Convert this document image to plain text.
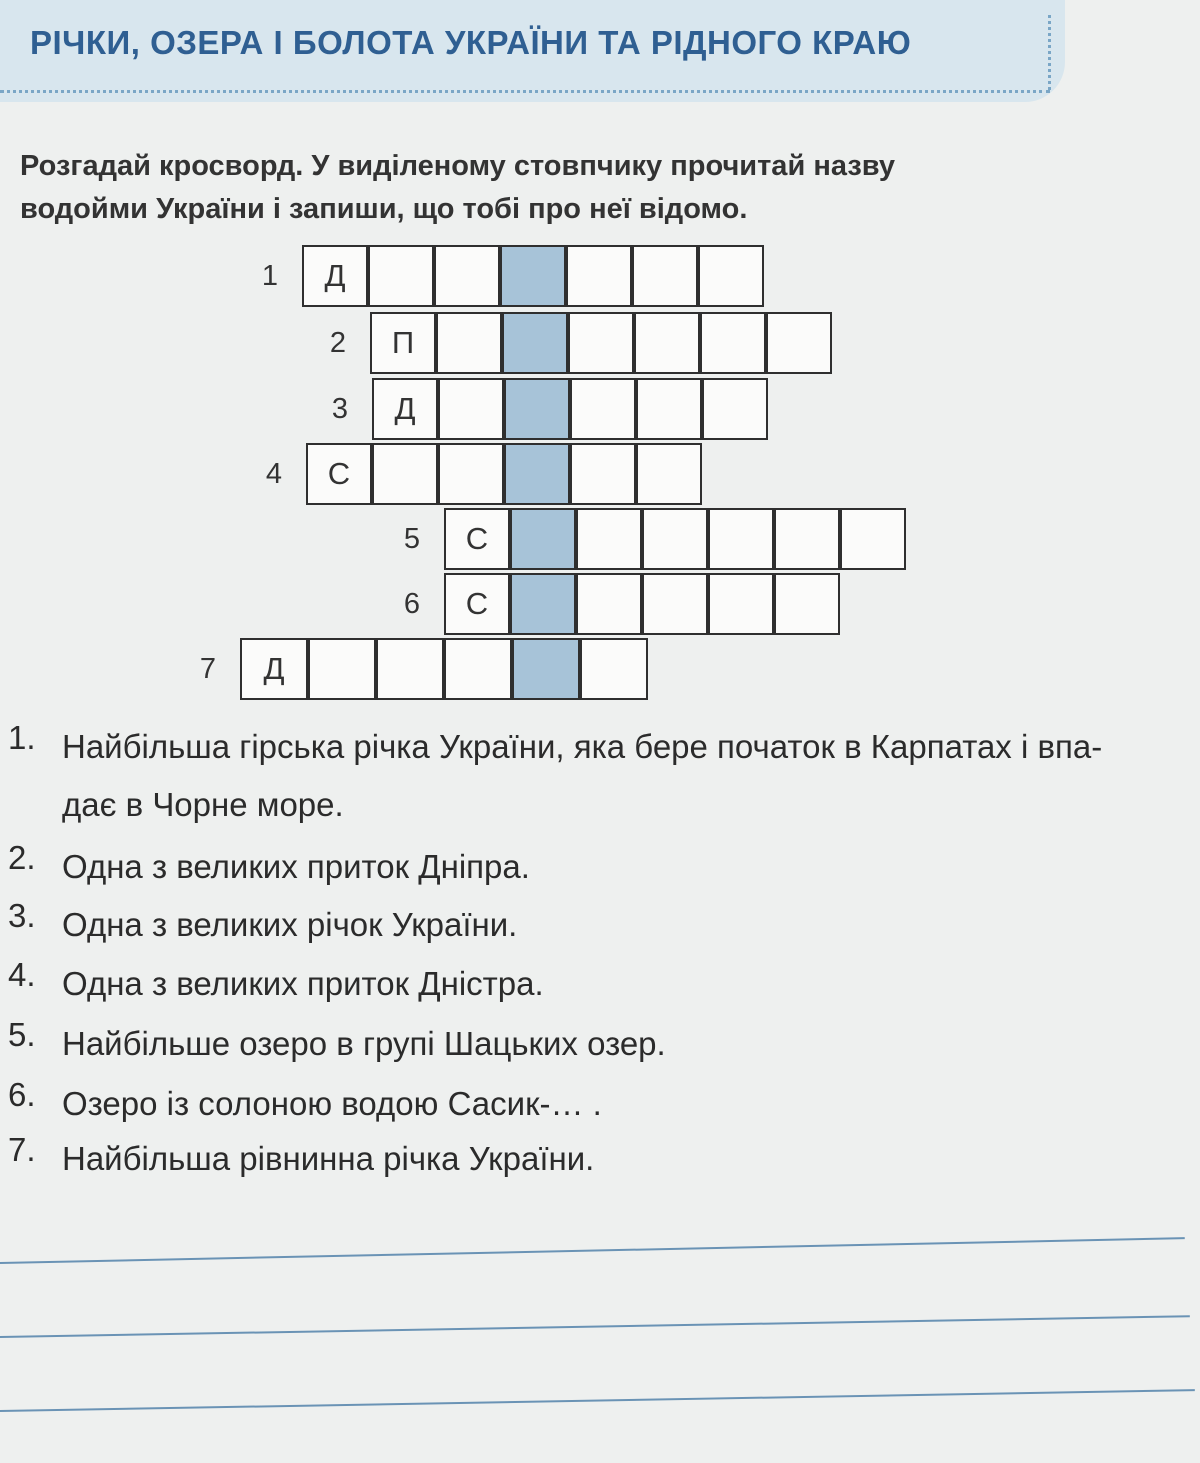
РІЧКИ, ОЗЕРА І БОЛОТА УКРАЇНИ ТА РІДНОГО КРАЮ
Розгадай кросворд. У виділеному стовпчику прочитай назву
водойми України і запиши, що тобі про неї відомо.
1	Д
2	П
3	Д
4	С
5	С
6	С
7	Д
1. Найбільша гірська річка України, яка бере початок в Карпатах і впа-
дає в Чорне море.
2. Одна з великих приток Дніпра.
3. Одна з великих річок України.
4. Одна з великих приток Дністра.
5. Найбільше озеро в групі Шацьких озер.
6. Озеро із солоною водою Сасик-… .
7. Найбільша рівнинна річка України.
